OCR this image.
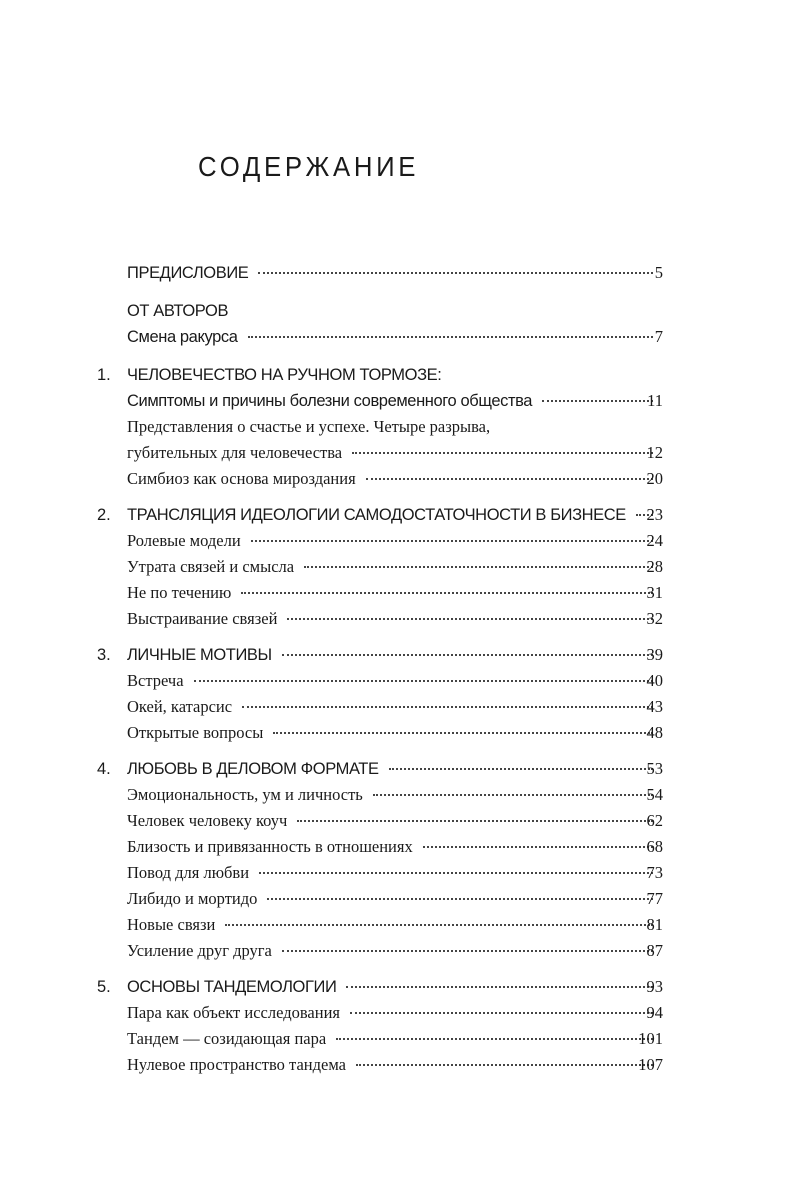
СОДЕРЖАНИЕ
ПРЕДИСЛОВИЕ	5
ОТ АВТОРОВ
Смена ракурса	7
1. ЧЕЛОВЕЧЕСТВО НА РУЧНОМ ТОРМОЗЕ:
Симптомы и причины болезни современного общества	11
Представления о счастье и успехе. Четыре разрыва,
губительных для человечества	12
Симбиоз как основа мироздания	20
2. ТРАНСЛЯЦИЯ ИДЕОЛОГИИ САМОДОСТАТОЧНОСТИ В БИЗНЕСЕ	23
Ролевые модели	24
Утрата связей и смысла	28
Не по течению	31
Выстраивание связей	32
3. ЛИЧНЫЕ МОТИВЫ	39
Встреча	40
Окей, катарсис	43
Открытые вопросы	48
4. ЛЮБОВЬ В ДЕЛОВОМ ФОРМАТЕ	53
Эмоциональность, ум и личность	54
Человек человеку коуч	62
Близость и привязанность в отношениях	68
Повод для любви	73
Либидо и мортидо	77
Новые связи	81
Усиление друг друга	87
5. ОСНОВЫ ТАНДЕМОЛОГИИ	93
Пара как объект исследования	94
Тандем — созидающая пара	101
Нулевое пространство тандема	107
